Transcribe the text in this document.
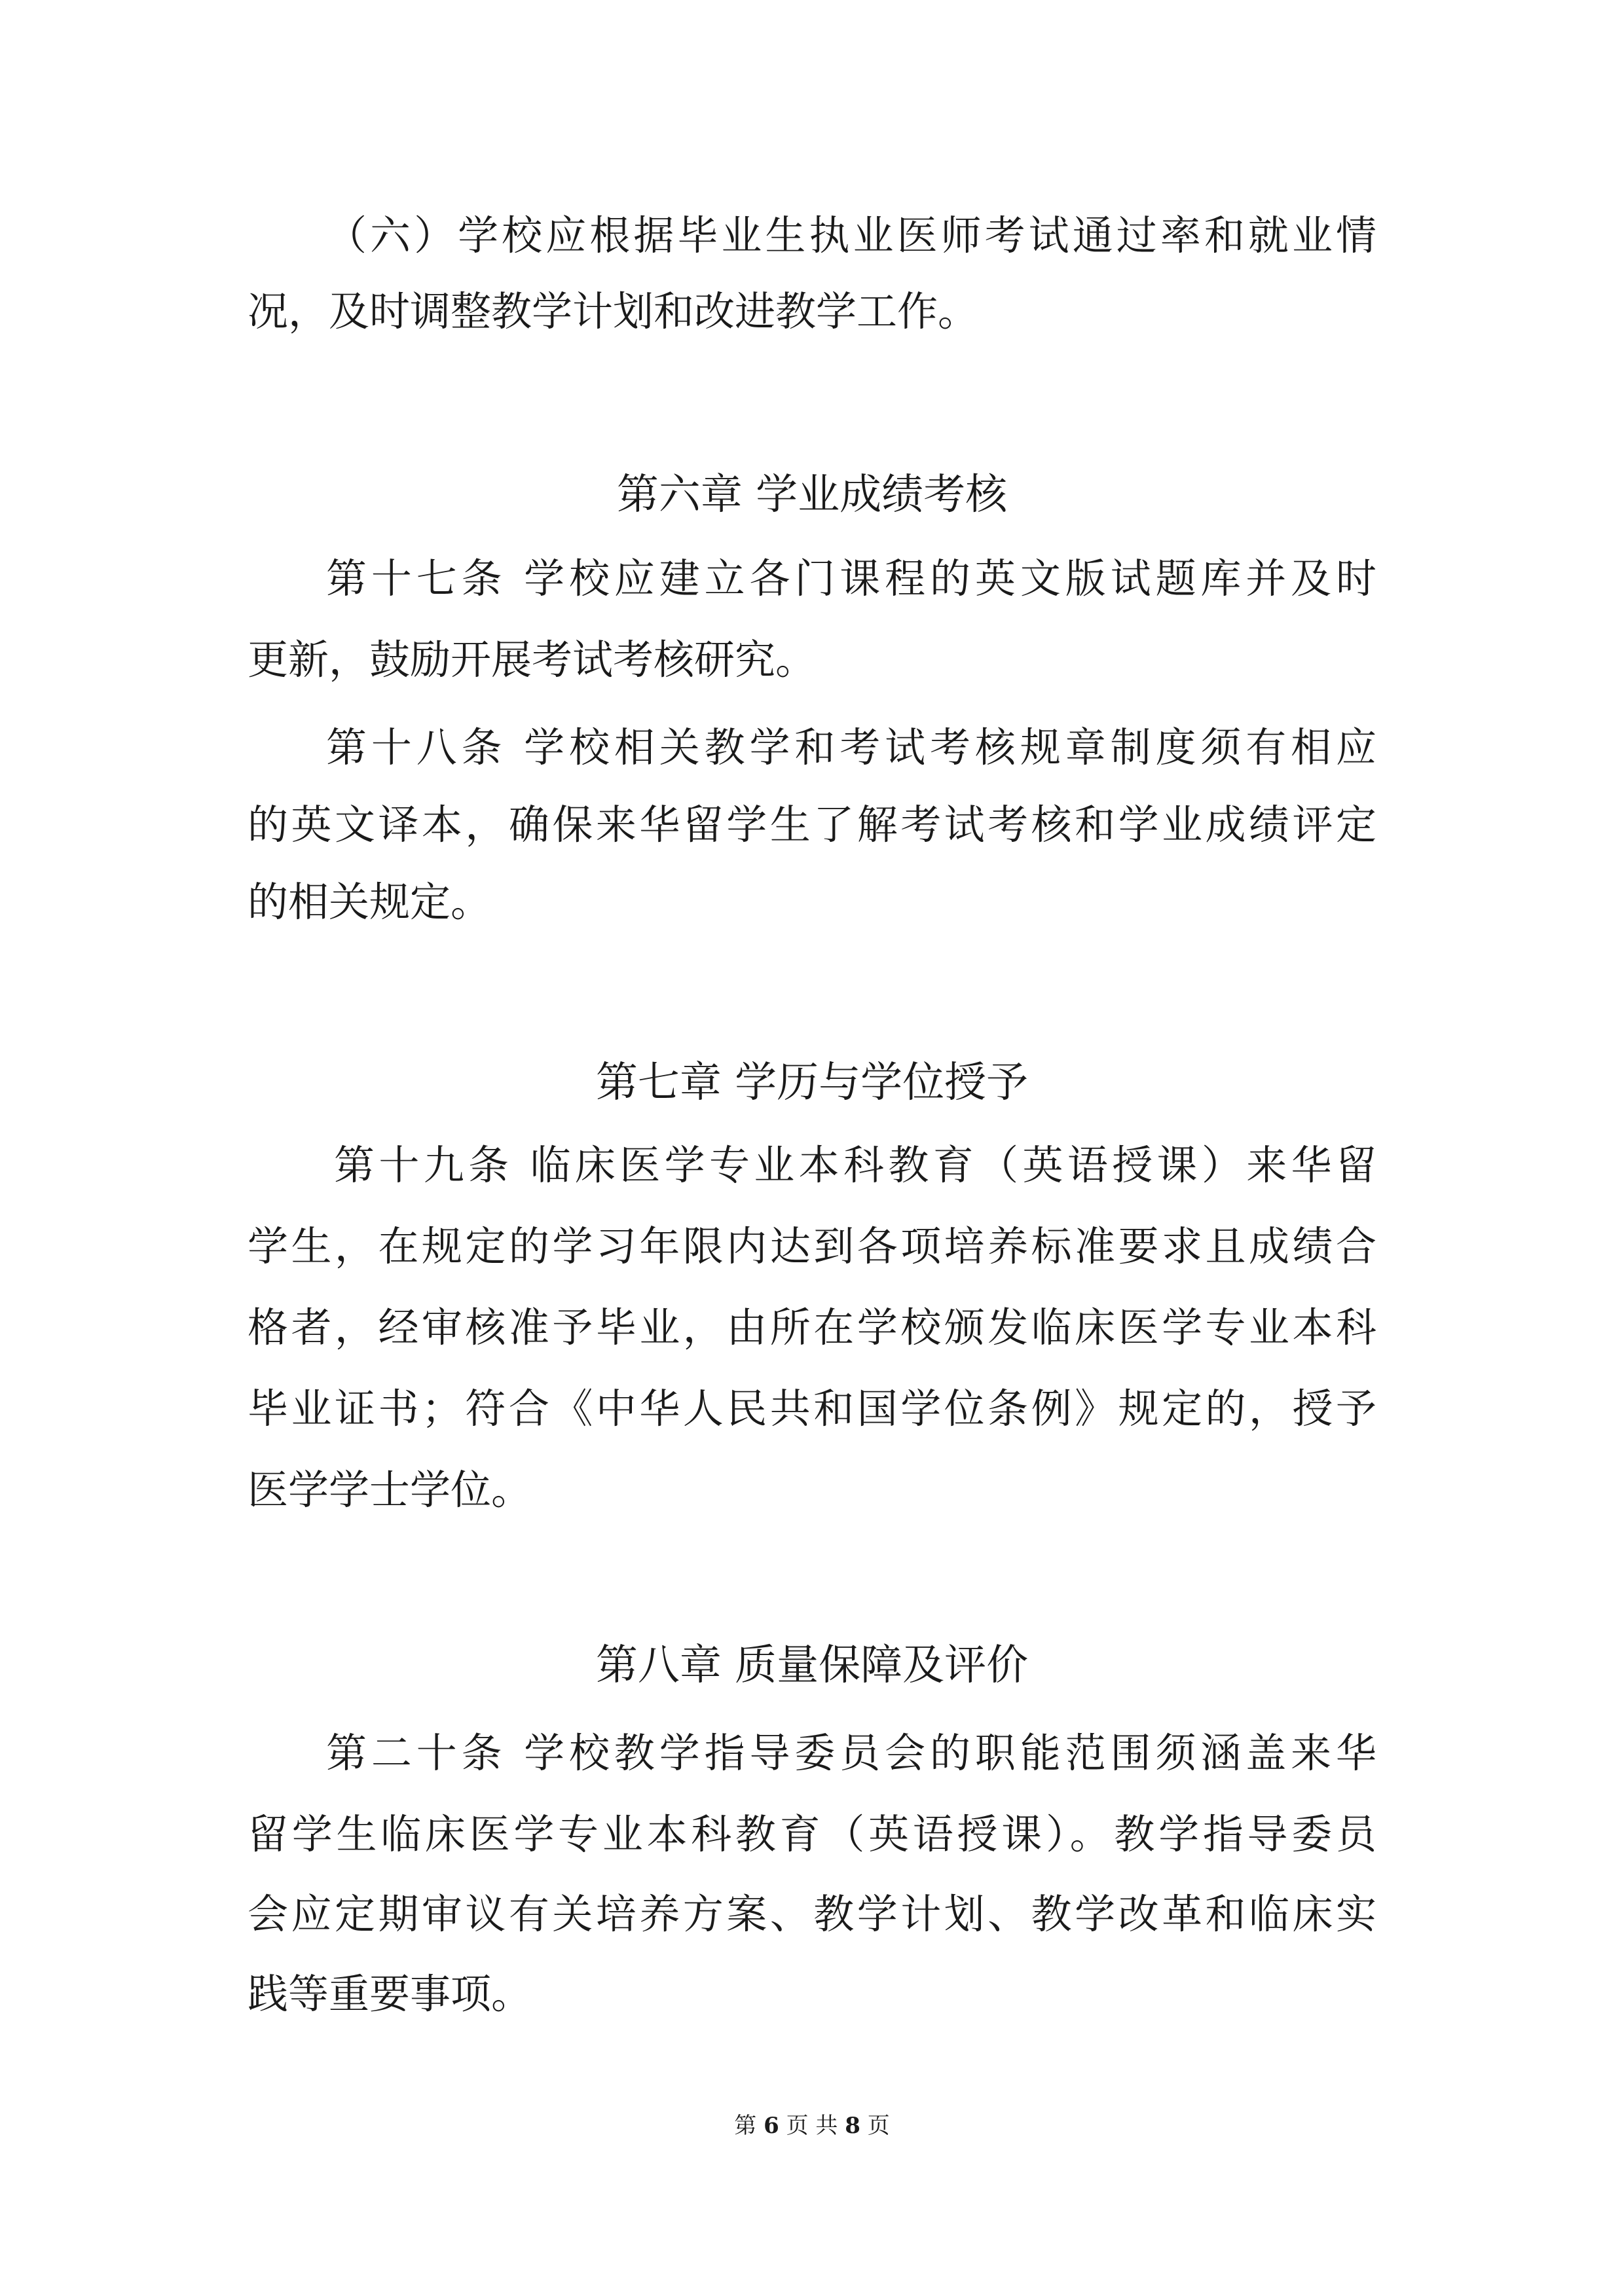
（六）学校应根据毕业生执业医师考试通过率和就业情
况，及时调整教学计划和改进教学工作。
第六章 学业成绩考核
第十七条 学校应建立各门课程的英文版试题库并及时
更新，鼓励开展考试考核研究。
第十八条 学校相关教学和考试考核规章制度须有相应
的英文译本，确保来华留学生了解考试考核和学业成绩评定
的相关规定。
第七章 学历与学位授予
第十九条 临床医学专业本科教育（英语授课）来华留
学生，在规定的学习年限内达到各项培养标准要求且成绩合
格者，经审核准予毕业，由所在学校颁发临床医学专业本科
毕业证书；符合《中华人民共和国学位条例》规定的，授予
医学学士学位。
第八章 质量保障及评价
第二十条 学校教学指导委员会的职能范围须涵盖来华
留学生临床医学专业本科教育（英语授课）。教学指导委员
会应定期审议有关培养方案、教学计划、教学改革和临床实
践等重要事项。
第 6 页 共 8 页
